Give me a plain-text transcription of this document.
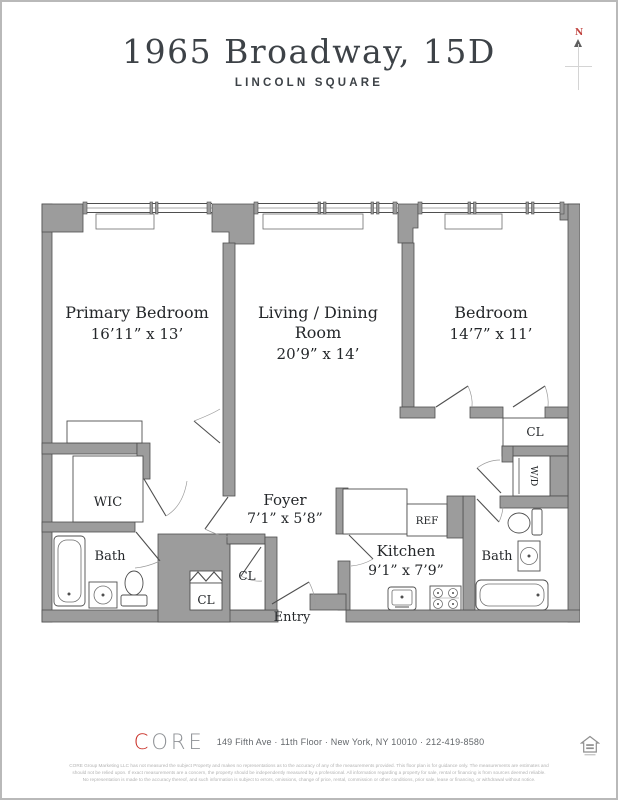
1965 Broadway, 15D
LINCOLN SQUARE
N
Primary Bedroom
16’11” x 13’
Living / Dining
Room
20’9” x 14’
Bedroom
14’7” x 11’
WIC
Bath
Foyer
7’1” x 5’8”
CL
CL
Entry
Kitchen
9’1” x 7’9”
REF
CL
W/D
Bath
CORE 149 Fifth Ave · 11th Floor · New York, NY 10010 · 212-419-8580
CORE Group Marketing LLC has not measured the subject Property and makes no representations as to the accuracy of any of the measurements provided. This floor plan is for guidance only. The measurements are estimates and
should not be relied upon. If exact measurements are a concern, the property should be independently measured by a professional. All information regarding a property for sale, rental or financing is from sources deemed reliable.
No representation is made to the accuracy thereof, and such information is subject to errors, omissions, change of price, rental, commission or other conditions, prior sale, lease or financing, or withdrawal without notice.
